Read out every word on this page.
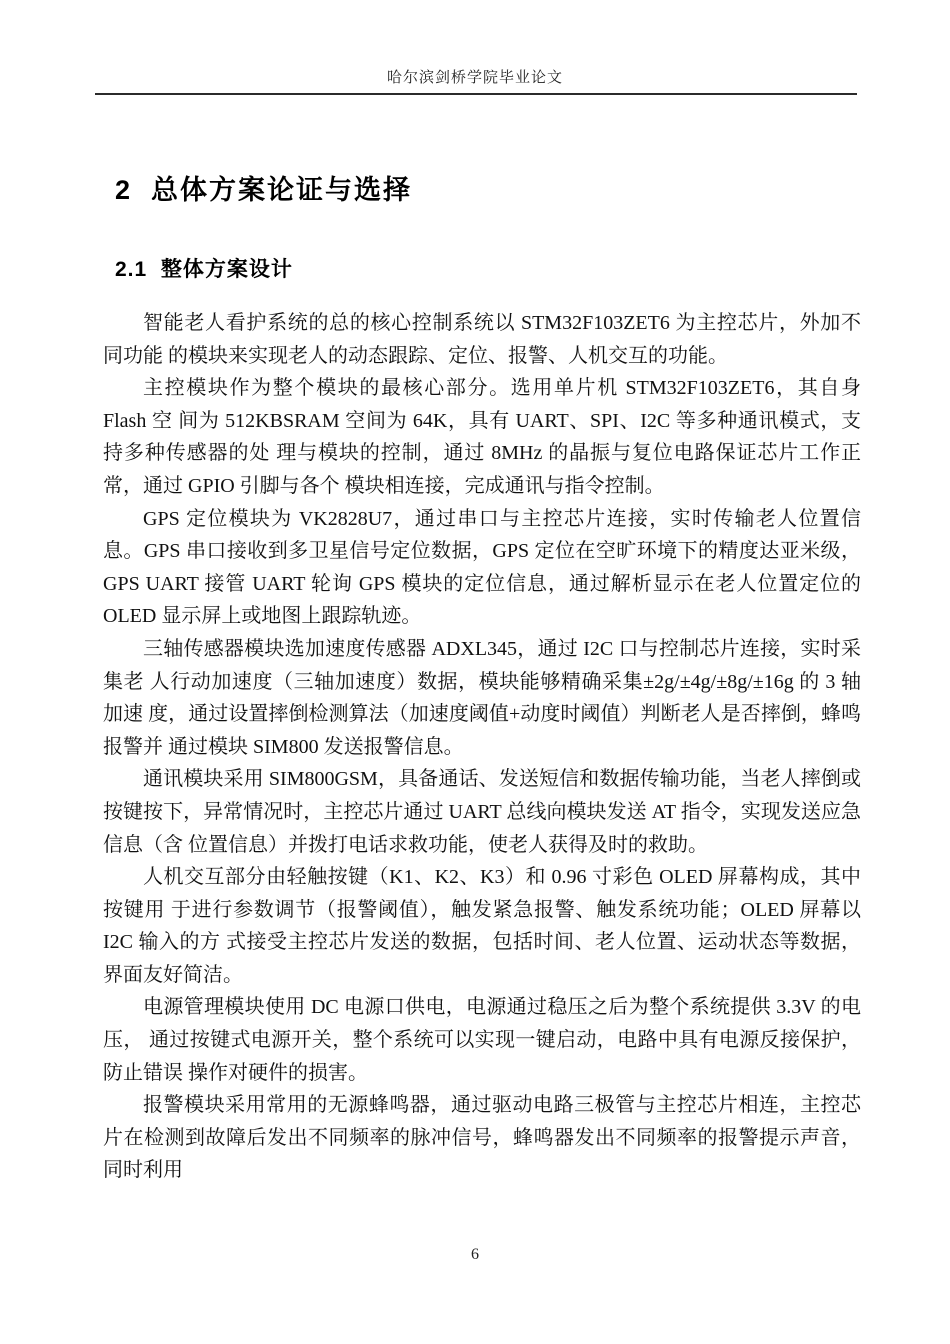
哈尔滨剑桥学院毕业论文
2  总体方案论证与选择
2.1  整体方案设计

智能老人看护系统的总的核心控制系统以 STM32F103ZET6 为主控芯片，外加不同功能 的模块来实现老人的动态跟踪、定位、报警、人机交互的功能。

主控模块作为整个模块的最核心部分。选用单片机 STM32F103ZET6，其自身 Flash 空 间为 512KBSRAM 空间为 64K，具有 UART、SPI、I2C 等多种通讯模式，支持多种传感器的处 理与模块的控制，通过 8MHz 的晶振与复位电路保证芯片工作正常，通过 GPIO 引脚与各个 模块相连接，完成通讯与指令控制。

GPS 定位模块为 VK2828U7，通过串口与主控芯片连接，实时传输老人位置信息。GPS 串口接收到多卫星信号定位数据，GPS 定位在空旷环境下的精度达亚米级，GPS UART 接管 UART 轮询 GPS 模块的定位信息，通过解析显示在老人位置定位的 OLED 显示屏上或地图上跟踪轨迹。

三轴传感器模块选加速度传感器 ADXL345，通过 I2C 口与控制芯片连接，实时采集老 人行动加速度（三轴加速度）数据，模块能够精确采集±2g/±4g/±8g/±16g 的 3 轴加速 度，通过设置摔倒检测算法（加速度阈值+动度时阈值）判断老人是否摔倒，蜂鸣报警并 通过模块 SIM800 发送报警信息。

通讯模块采用 SIM800GSM，具备通话、发送短信和数据传输功能，当老人摔倒或按键按下，异常情况时，主控芯片通过 UART 总线向模块发送 AT 指令，实现发送应急信息（含 位置信息）并拨打电话求救功能，使老人获得及时的救助。

人机交互部分由轻触按键（K1、K2、K3）和 0.96 寸彩色 OLED 屏幕构成，其中按键用 于进行参数调节（报警阈值），触发紧急报警、触发系统功能；OLED 屏幕以 I2C 输入的方 式接受主控芯片发送的数据，包括时间、老人位置、运动状态等数据，界面友好简洁。

电源管理模块使用 DC 电源口供电，电源通过稳压之后为整个系统提供 3.3V 的电压， 通过按键式电源开关，整个系统可以实现一键启动，电路中具有电源反接保护，防止错误 操作对硬件的损害。

报警模块采用常用的无源蜂鸣器，通过驱动电路三极管与主控芯片相连，主控芯片在检测到故障后发出不同频率的脉冲信号，蜂鸣器发出不同频率的报警提示声音，同时利用

6
